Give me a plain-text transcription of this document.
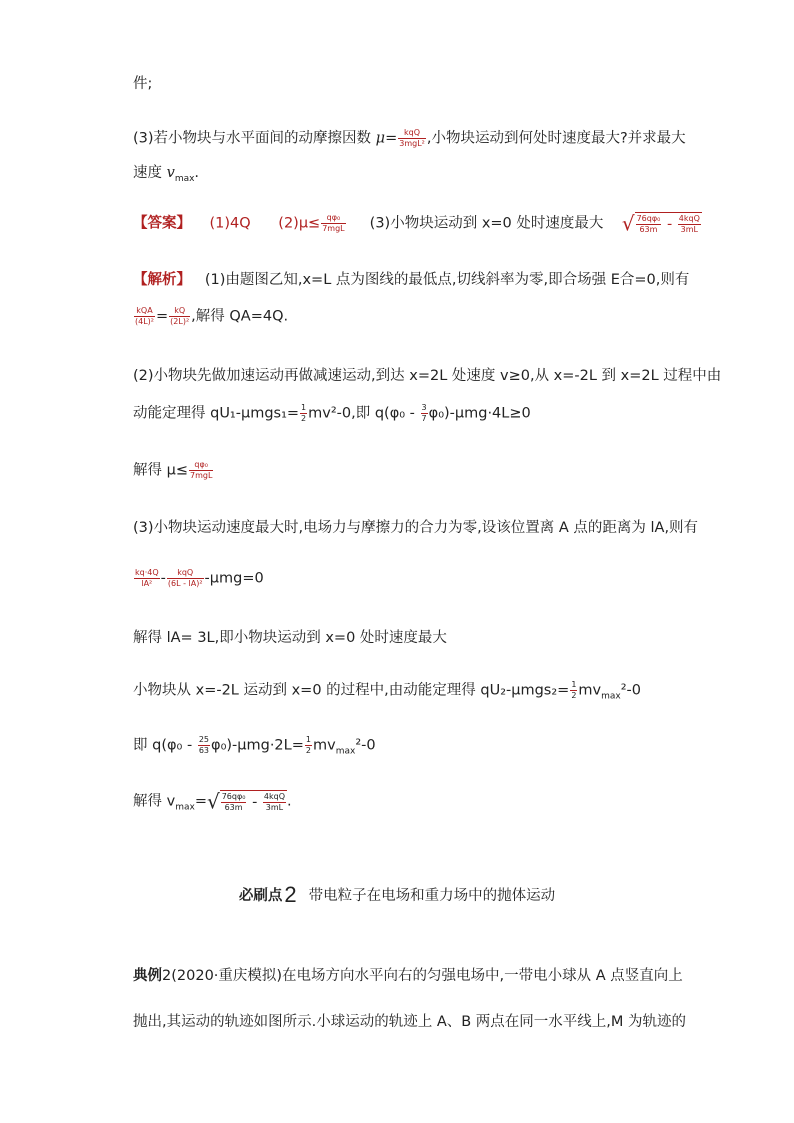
件;
(3)若小物块与水平面间的动摩擦因数 $\mu= \frac{\text{kqQ}}{\text{3mgL²}}$ ,小物块运动到何处时速度最大?并求最大
速度 $v_{max}$.
【答案】 (1)4Q $(2)\mu\le \frac{\text{qφ₀}}{\text{7mgL}} (3)$小物块运动到 x=0 处时速度最大 √ $\frac{\text{76qφ₀}}{63m} - \frac{\text{4kqQ}}{3mL}$
【解析】 (1)由题图乙知,x=L 点为图线的最低点,切线斜率为零,即合场强 E合=0,则有
$\frac{\text{kQA}}{\text{(4L)²}} = \frac{kQ}{\text{(2L)²}}$ ,解得 QA=4Q.
(2)小物块先做加速运动再做减速运动,到达 x=2L 处速度 v≥0,从 x=-2L 到 x=2L 过程中由
动能定理得 $qU_1-\mu mgs_1= \frac{1}{2} mv^2-0$,即 $q(\varphi_0 - \frac{3}{7} \varphi_0)-\mu mg\cdot 4L\ge 0$
解得 $\mu\le \frac{\text{qφ₀}}{\text{7mgL}}$
(3)小物块运动速度最大时,电场力与摩擦力的合力为零,设该位置离 A 点的距离为 lA,则有
$\frac{kq\cdot 4Q}{\text{lA²}} - \frac{\text{kqQ}}{\text{(6L - lA)²}} -\mu mg=0$
解得 lA= 3L,即小物块运动到 x=0 处时速度最大
小物块从 x=-2L 运动到 x=0 的过程中,由动能定理得 $qU_2-\mu mgs_2= \frac{1}{2} mv_{max}^2-0$
即 $q(\varphi_0 - \frac{25}{63} \varphi_0)-\mu mg\cdot 2L= \frac{1}{2} mv_{max}^2-0$
解得 $v_{max}=√ \frac{\text{76qφ₀}}{63m} - \frac{\text{4kqQ}}{3mL}$ .
必刷点2 带电粒子在电场和重力场中的抛体运动
典例2(2020·重庆模拟)在电场方向水平向右的匀强电场中,一带电小球从 A 点竖直向上
抛出,其运动的轨迹如图所示.小球运动的轨迹上 A、B 两点在同一水平线上,M 为轨迹的
